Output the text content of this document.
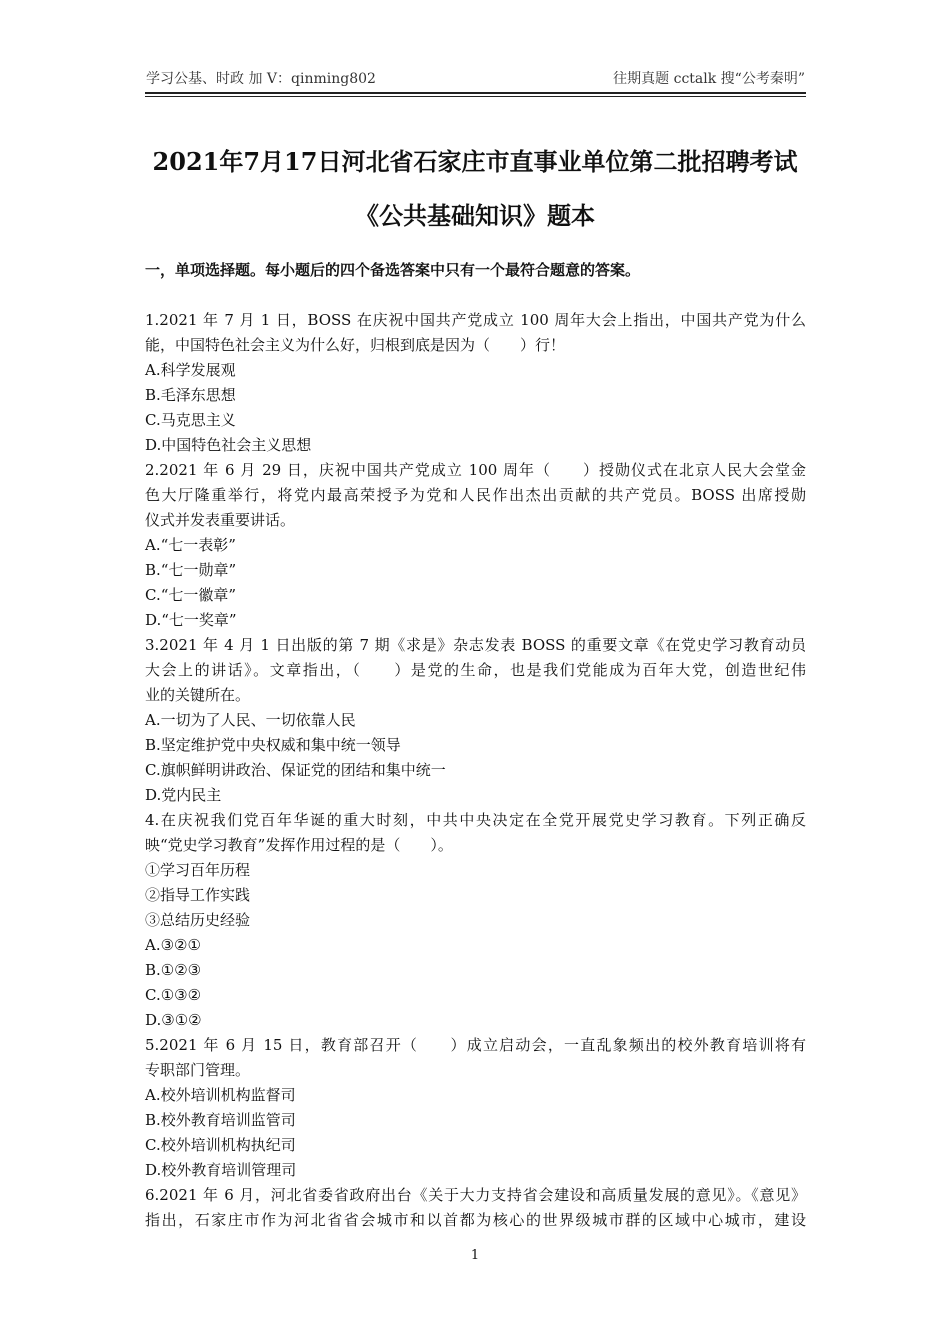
学习公基、时政 加 V：qinming802	往期真题 cctalk 搜“公考秦明”
2021年7月17日河北省石家庄市直事业单位第二批招聘考试
《公共基础知识》题本
一，单项选择题。每小题后的四个备选答案中只有一个最符合题意的答案。
1.2021 年 7 月 1 日，BOSS 在庆祝中国共产党成立 100 周年大会上指出，中国共产党为什么
能，中国特色社会主义为什么好，归根到底是因为（　　）行！
A.科学发展观
B.毛泽东思想
C.马克思主义
D.中国特色社会主义思想
2.2021 年 6 月 29 日，庆祝中国共产党成立 100 周年（　　）授勋仪式在北京人民大会堂金
色大厅隆重举行，将党内最高荣授予为党和人民作出杰出贡献的共产党员。BOSS 出席授勋
仪式并发表重要讲话。
A.“七一表彰”
B.“七一勋章”
C.“七一徽章”
D.“七一奖章”
3.2021 年 4 月 1 日出版的第 7 期《求是》杂志发表 BOSS 的重要文章《在党史学习教育动员
大会上的讲话》。文章指出，（　　）是党的生命，也是我们党能成为百年大党，创造世纪伟
业的关键所在。
A.一切为了人民、一切依靠人民
B.坚定维护党中央权威和集中统一领导
C.旗帜鲜明讲政治、保证党的团结和集中统一
D.党内民主
4.在庆祝我们党百年华诞的重大时刻，中共中央决定在全党开展党史学习教育。下列正确反
映“党史学习教育”发挥作用过程的是（　　）。
①学习百年历程
②指导工作实践
③总结历史经验
A.③②①
B.①②③
C.①③②
D.③①②
5.2021 年 6 月 15 日，教育部召开（　　）成立启动会，一直乱象频出的校外教育培训将有
专职部门管理。
A.校外培训机构监督司
B.校外教育培训监管司
C.校外培训机构执纪司
D.校外教育培训管理司
6.2021 年 6 月，河北省委省政府出台《关于大力支持省会建设和高质量发展的意见》。《意见》
指出，石家庄市作为河北省省会城市和以首都为核心的世界级城市群的区域中心城市，建设
1
